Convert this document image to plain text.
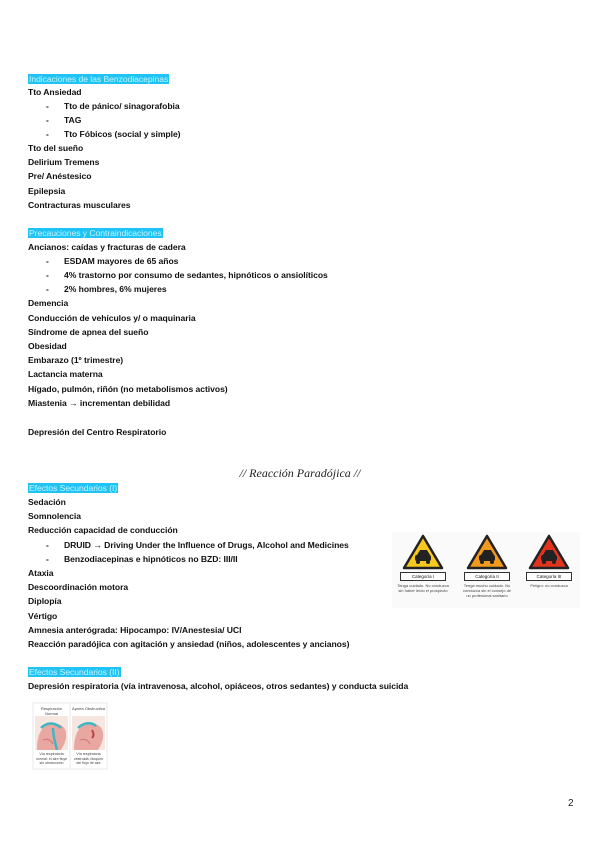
Indicaciones de las Benzodiacepinas
Tto Ansiedad
- Tto de pánico/ sinagorafobia
- TAG
- Tto Fóbicos (social y simple)
Tto del sueño
Delirium Tremens
Pre/ Anéstesico
Epilepsia
Contracturas musculares
Precauciones y Contraindicaciones
Ancianos: caídas y fracturas de cadera
- ESDAM mayores de 65 años
- 4% trastorno por consumo de sedantes, hipnóticos o ansiolíticos
- 2% hombres, 6% mujeres
Demencia
Conducción de vehículos y/ o maquinaria
Síndrome de apnea del sueño
Obesidad
Embarazo (1º trimestre)
Lactancia materna
Hígado, pulmón, riñón (no metabolismos activos)
Miastenia → incrementan debilidad
Depresión del Centro Respiratorio
// Reacción Paradójica //
Efectos Secundarios (I)
Sedación
Somnolencia
Reducción capacidad de conducción
- DRUID → Driving Under the Influence of Drugs, Alcohol and Medicines
- Benzodiacepinas e hipnóticos no BZD: III/II
Ataxia
Descoordinación motora
Diplopía
Vértigo
Amnesia anterógrada: Hipocampo: IV/Anestesia/ UCI
Reacción paradójica con agitación y ansiedad (niños, adolescentes y ancianos)
Categoría I
Tenga cuidado. No conduzca sin haber leído el prospecto
Categoría II
Tenga mucho cuidado. No conduzca sin el consejo de un profesional sanitario
Categoría III
Peligro: no conduzca
Efectos Secundarios (II)
Depresión respiratoria (vía intravenosa, alcohol, opiáceos, otros sedantes) y conducta suicida
Respiración Normal
Vía respiratoria normal: el aire fluye sin obstrucción
Apnea Obstructiva
Vía respiratoria obstruida: bloqueo del flujo de aire
2
